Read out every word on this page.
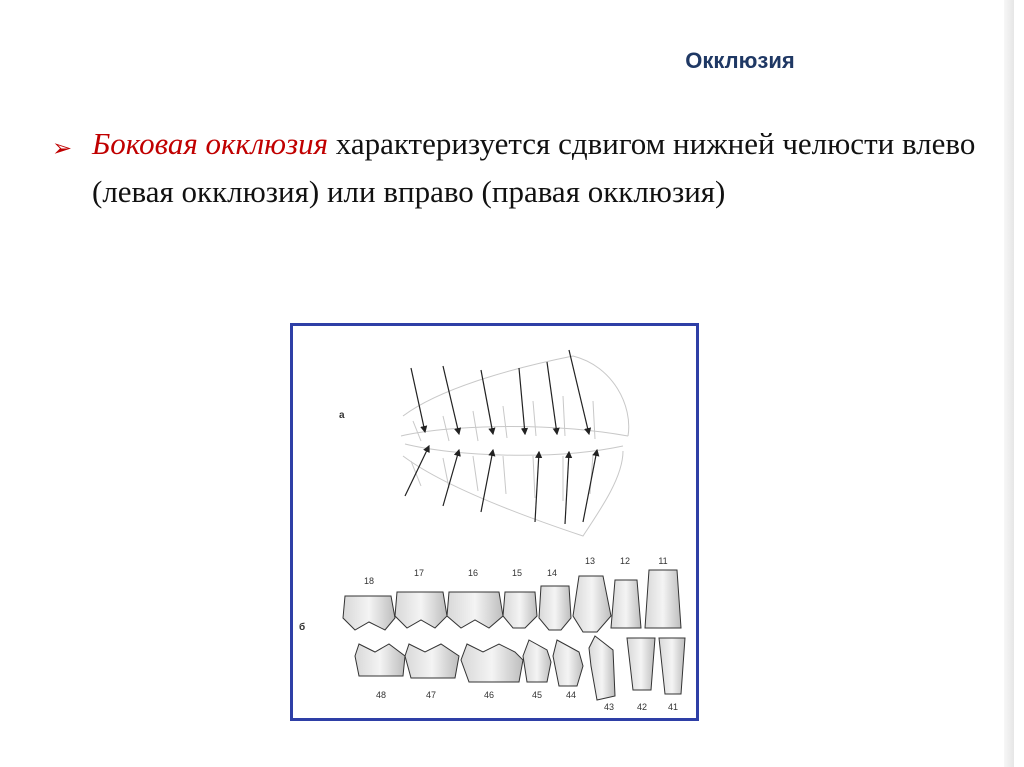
Окклюзия
➢ Боковая окклюзия характеризуется сдвигом нижней челюсти влево (левая окклюзия) или вправо (правая окклюзия)
а
б
18
17	16	15	14
13	12	11
48	47	46	45	44
43	42 41
